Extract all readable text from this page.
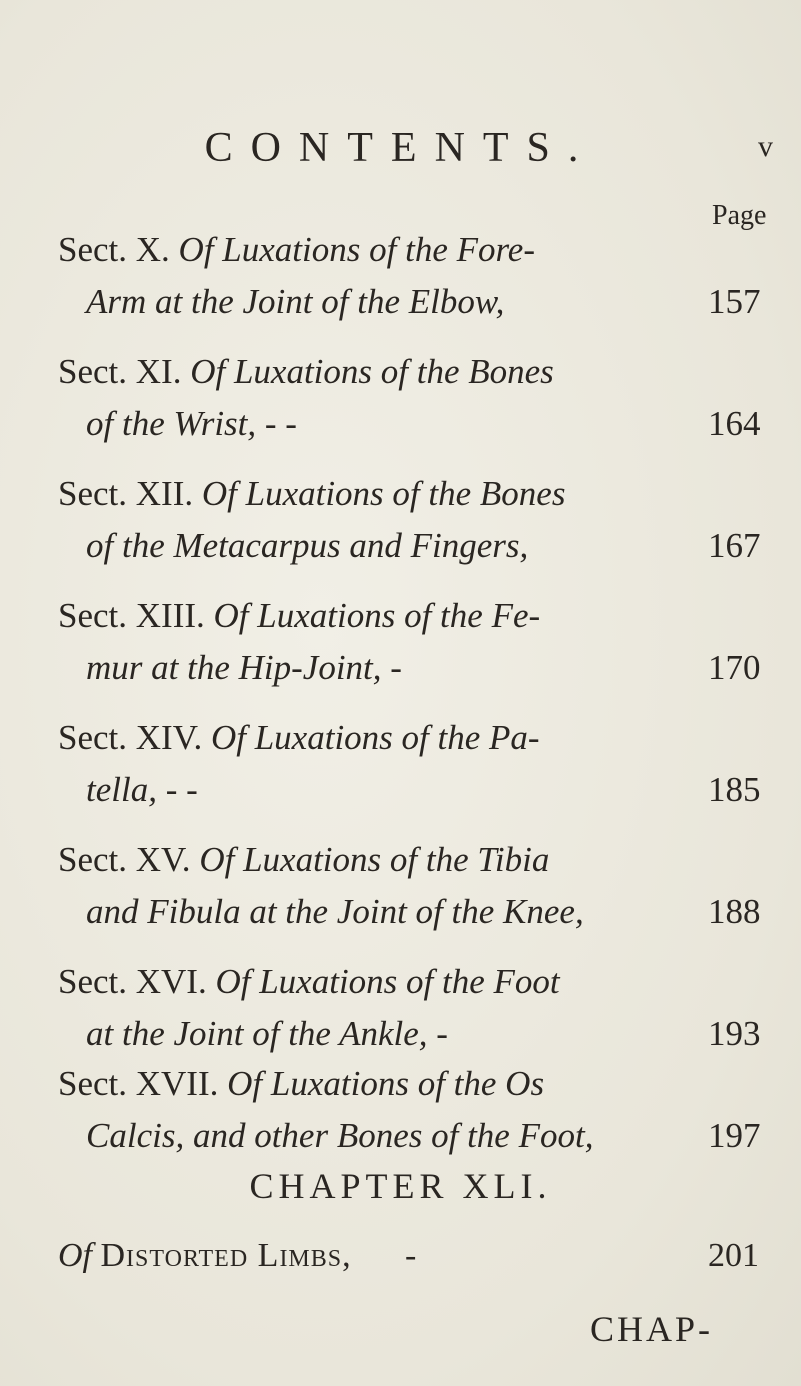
CONTENTS.	v
Page
Sect. X. Of Luxations of the Fore-
Arm at the Joint of the Elbow,	157
Sect. XI. Of Luxations of the Bones
of the Wrist, - -	164
Sect. XII. Of Luxations of the Bones
of the Metacarpus and Fingers,	167
Sect. XIII. Of Luxations of the Fe-
mur at the Hip-Joint, -	170
Sect. XIV. Of Luxations of the Pa-
tella, - -	185
Sect. XV. Of Luxations of the Tibia
and Fibula at the Joint of the Knee,	188
Sect. XVI. Of Luxations of the Foot
at the Joint of the Ankle, -	193
Sect. XVII. Of Luxations of the Os
Calcis, and other Bones of the Foot,	197
CHAPTER XLI.
Of Distorted Limbs, -	201
CHAP-
